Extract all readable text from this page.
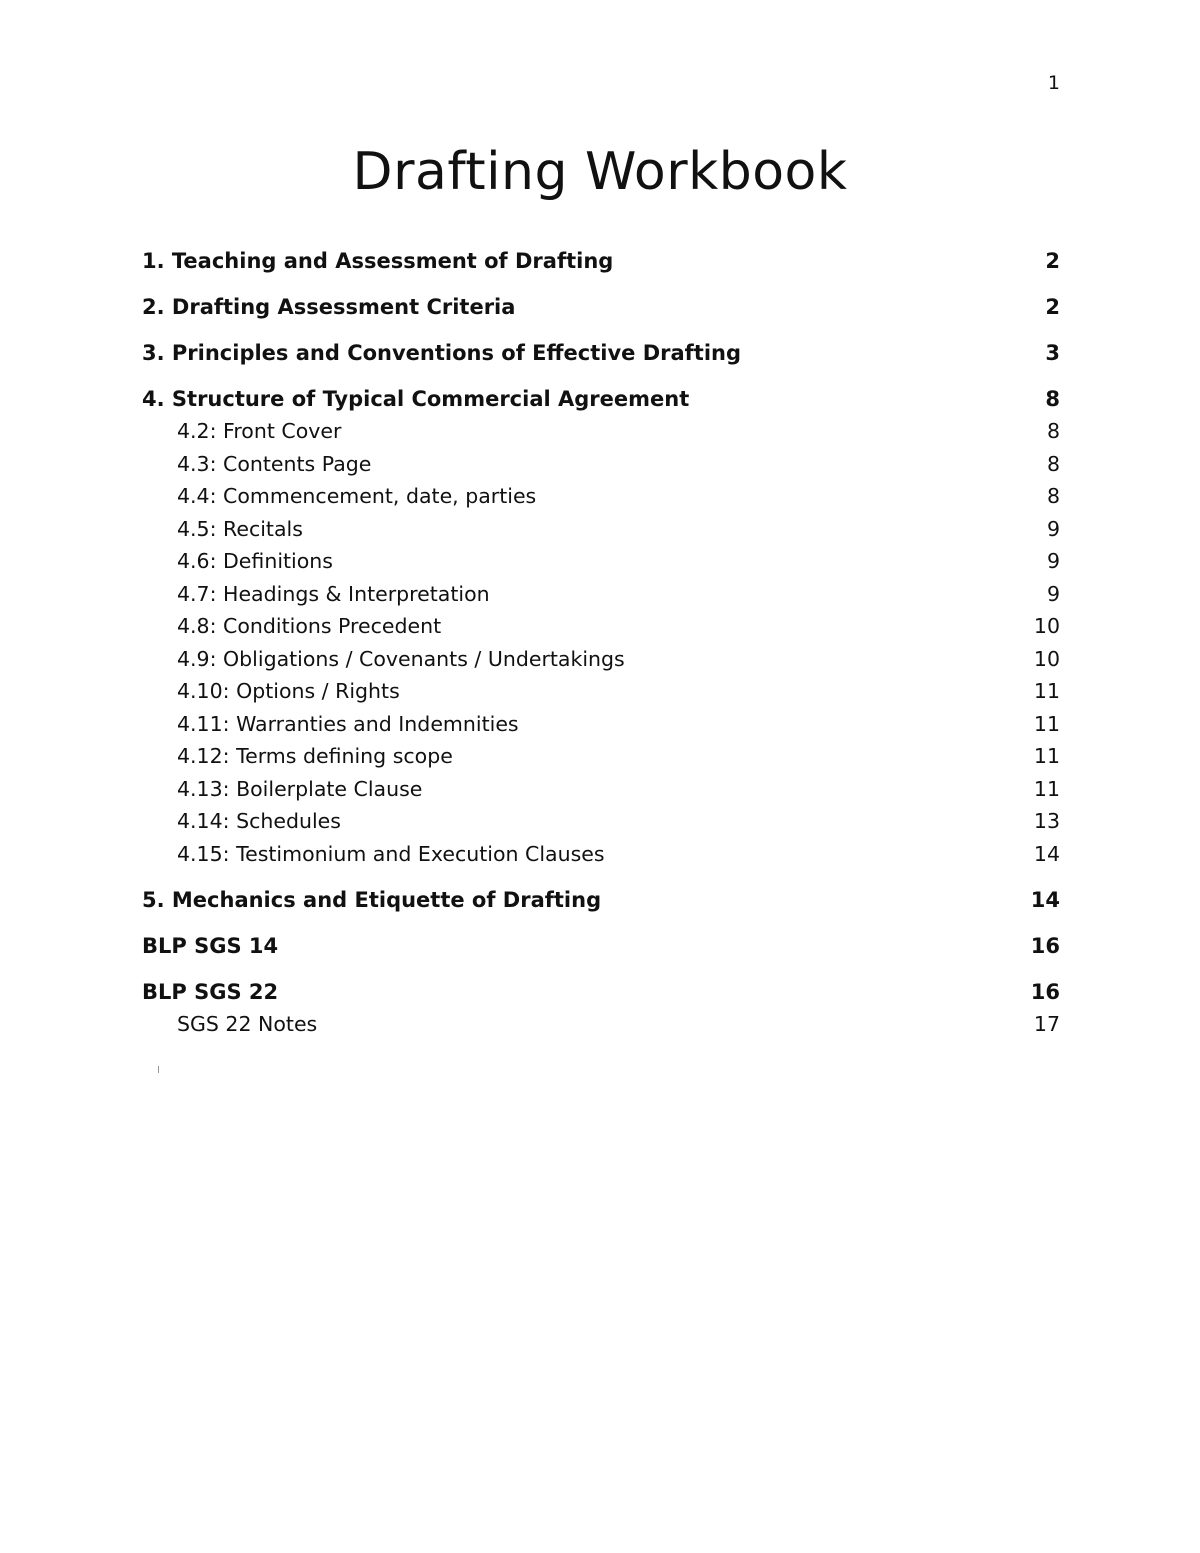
1
Drafting Workbook
1. Teaching and Assessment of Drafting	2
2. Drafting Assessment Criteria	2
3. Principles and Conventions of Effective Drafting	3
4. Structure of Typical Commercial Agreement	8
4.2: Front Cover	8
4.3: Contents Page	8
4.4: Commencement, date, parties	8
4.5: Recitals	9
4.6: Definitions	9
4.7: Headings & Interpretation	9
4.8: Conditions Precedent	10
4.9: Obligations / Covenants / Undertakings	10
4.10: Options / Rights	11
4.11: Warranties and Indemnities	11
4.12: Terms defining scope	11
4.13: Boilerplate Clause	11
4.14: Schedules	13
4.15: Testimonium and Execution Clauses	14
5. Mechanics and Etiquette of Drafting	14
BLP SGS 14	16
BLP SGS 22	16
SGS 22 Notes	17
